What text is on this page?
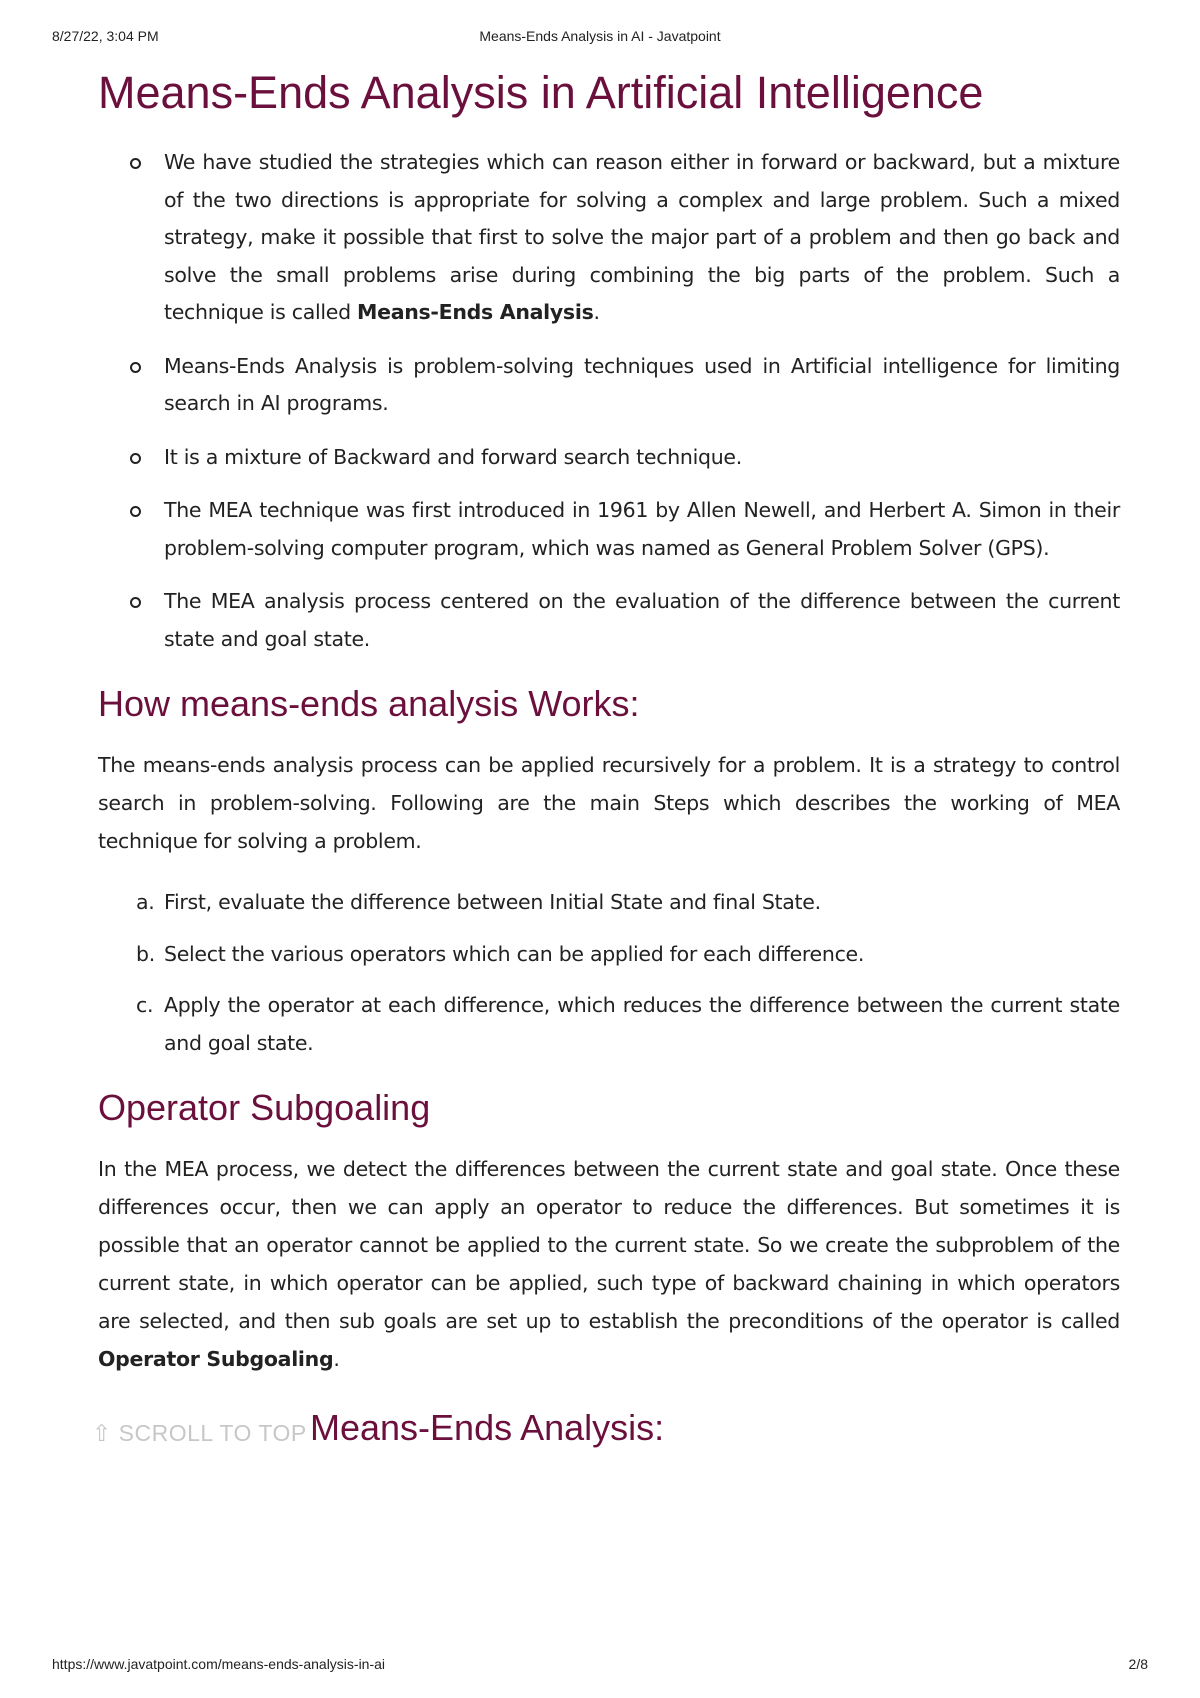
8/27/22, 3:04 PM	Means-Ends Analysis in AI - Javatpoint
Means-Ends Analysis in Artificial Intelligence
We have studied the strategies which can reason either in forward or backward, but a mixture of the two directions is appropriate for solving a complex and large problem. Such a mixed strategy, make it possible that first to solve the major part of a problem and then go back and solve the small problems arise during combining the big parts of the problem. Such a technique is called Means-Ends Analysis.
Means-Ends Analysis is problem-solving techniques used in Artificial intelligence for limiting search in AI programs.
It is a mixture of Backward and forward search technique.
The MEA technique was first introduced in 1961 by Allen Newell, and Herbert A. Simon in their problem-solving computer program, which was named as General Problem Solver (GPS).
The MEA analysis process centered on the evaluation of the difference between the current state and goal state.
How means-ends analysis Works:

The means-ends analysis process can be applied recursively for a problem. It is a strategy to control search in problem-solving. Following are the main Steps which describes the working of MEA technique for solving a problem.

a. First, evaluate the difference between Initial State and final State.
b. Select the various operators which can be applied for each difference.
c. Apply the operator at each difference, which reduces the difference between the current state and goal state.
Operator Subgoaling

In the MEA process, we detect the differences between the current state and goal state. Once these differences occur, then we can apply an operator to reduce the differences. But sometimes it is possible that an operator cannot be applied to the current state. So we create the subproblem of the current state, in which operator can be applied, such type of backward chaining in which operators are selected, and then sub goals are set up to establish the preconditions of the operator is called Operator Subgoaling.

⇧ SCROLL TO TOP Means-Ends Analysis:
https://www.javatpoint.com/means-ends-analysis-in-ai	2/8
